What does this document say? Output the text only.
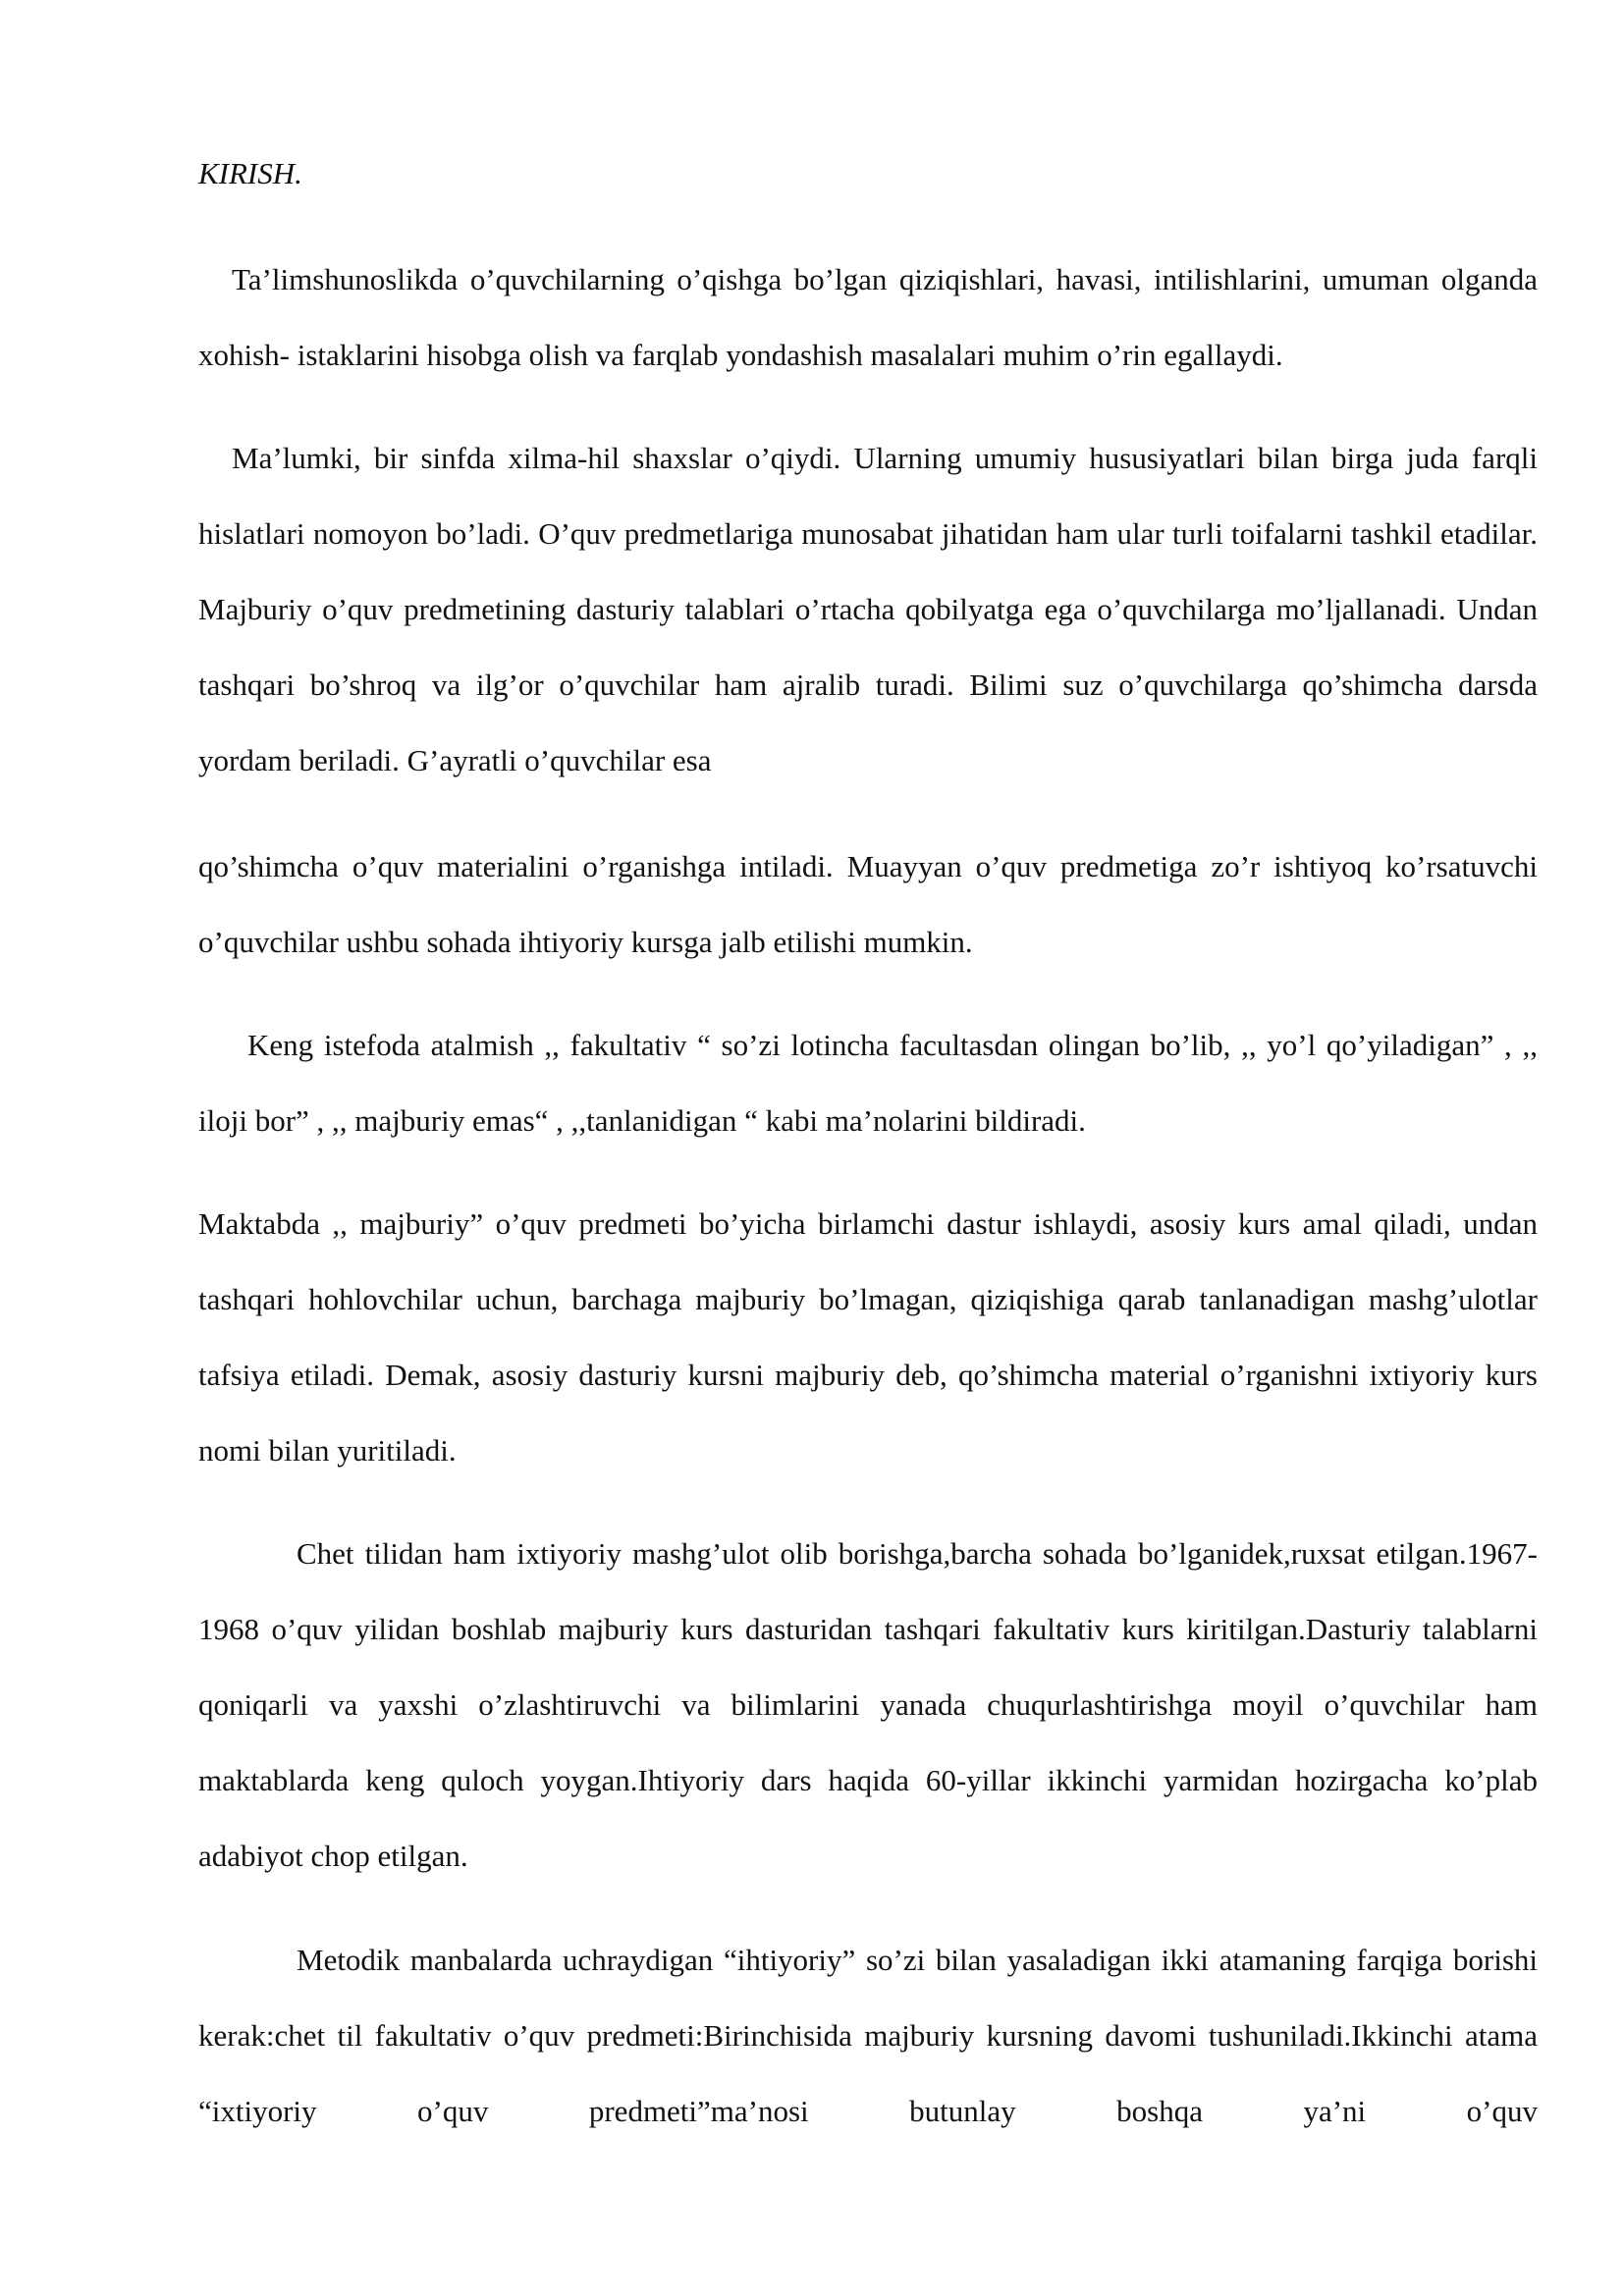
KIRISH.
Ta’limshunoslikda o’quvchilarning o’qishga bo’lgan qiziqishlari, havasi, intilishlarini, umuman olganda xohish- istaklarini hisobga olish va farqlab yondashish masalalari muhim o’rin egallaydi.
Ma’lumki, bir sinfda xilma-hil shaxslar o’qiydi. Ularning umumiy hususiyatlari bilan birga juda farqli hislatlari nomoyon bo’ladi. O’quv predmetlariga munosabat jihatidan ham ular turli toifalarni tashkil etadilar. Majburiy o’quv predmetining dasturiy talablari o’rtacha qobilyatga ega o’quvchilarga mo’ljallanadi. Undan tashqari bo’shroq va ilg’or o’quvchilar ham ajralib turadi. Bilimi suz o’quvchilarga qo’shimcha darsda yordam beriladi. G’ayratli o’quvchilar esa
qo’shimcha o’quv materialini o’rganishga intiladi. Muayyan o’quv predmetiga zo’r ishtiyoq ko’rsatuvchi o’quvchilar ushbu sohada ihtiyoriy kursga jalb etilishi mumkin.
Keng istefoda atalmish ,, fakultativ “ so’zi lotincha facultasdan olingan bo’lib, ,, yo’l qo’yiladigan” , ,, iloji bor” , ,, majburiy emas“ , ,,tanlanidigan “ kabi ma’nolarini bildiradi.
Maktabda ,, majburiy” o’quv predmeti bo’yicha birlamchi dastur ishlaydi, asosiy kurs amal qiladi, undan tashqari hohlovchilar uchun, barchaga majburiy bo’lmagan, qiziqishiga qarab tanlanadigan mashg’ulotlar tafsiya etiladi. Demak, asosiy dasturiy kursni majburiy deb, qo’shimcha material o’rganishni ixtiyoriy kurs nomi bilan yuritiladi.
Chet tilidan ham ixtiyoriy mashg’ulot olib borishga,barcha sohada bo’lganidek,ruxsat etilgan.1967-1968 o’quv yilidan boshlab majburiy kurs dasturidan tashqari fakultativ kurs kiritilgan.Dasturiy talablarni qoniqarli va yaxshi o’zlashtiruvchi va bilimlarini yanada chuqurlashtirishga moyil o’quvchilar ham maktablarda keng quloch yoygan.Ihtiyoriy dars haqida 60-yillar ikkinchi yarmidan hozirgacha ko’plab adabiyot chop etilgan.
Metodik manbalarda uchraydigan “ihtiyoriy” so’zi bilan yasaladigan ikki atamaning farqiga borishi kerak:chet til fakultativ o’quv predmeti:Birinchisida majburiy kursning davomi tushuniladi.Ikkinchi atama “ixtiyoriy o’quv predmeti”ma’nosi butunlay boshqa ya’ni o’quv
